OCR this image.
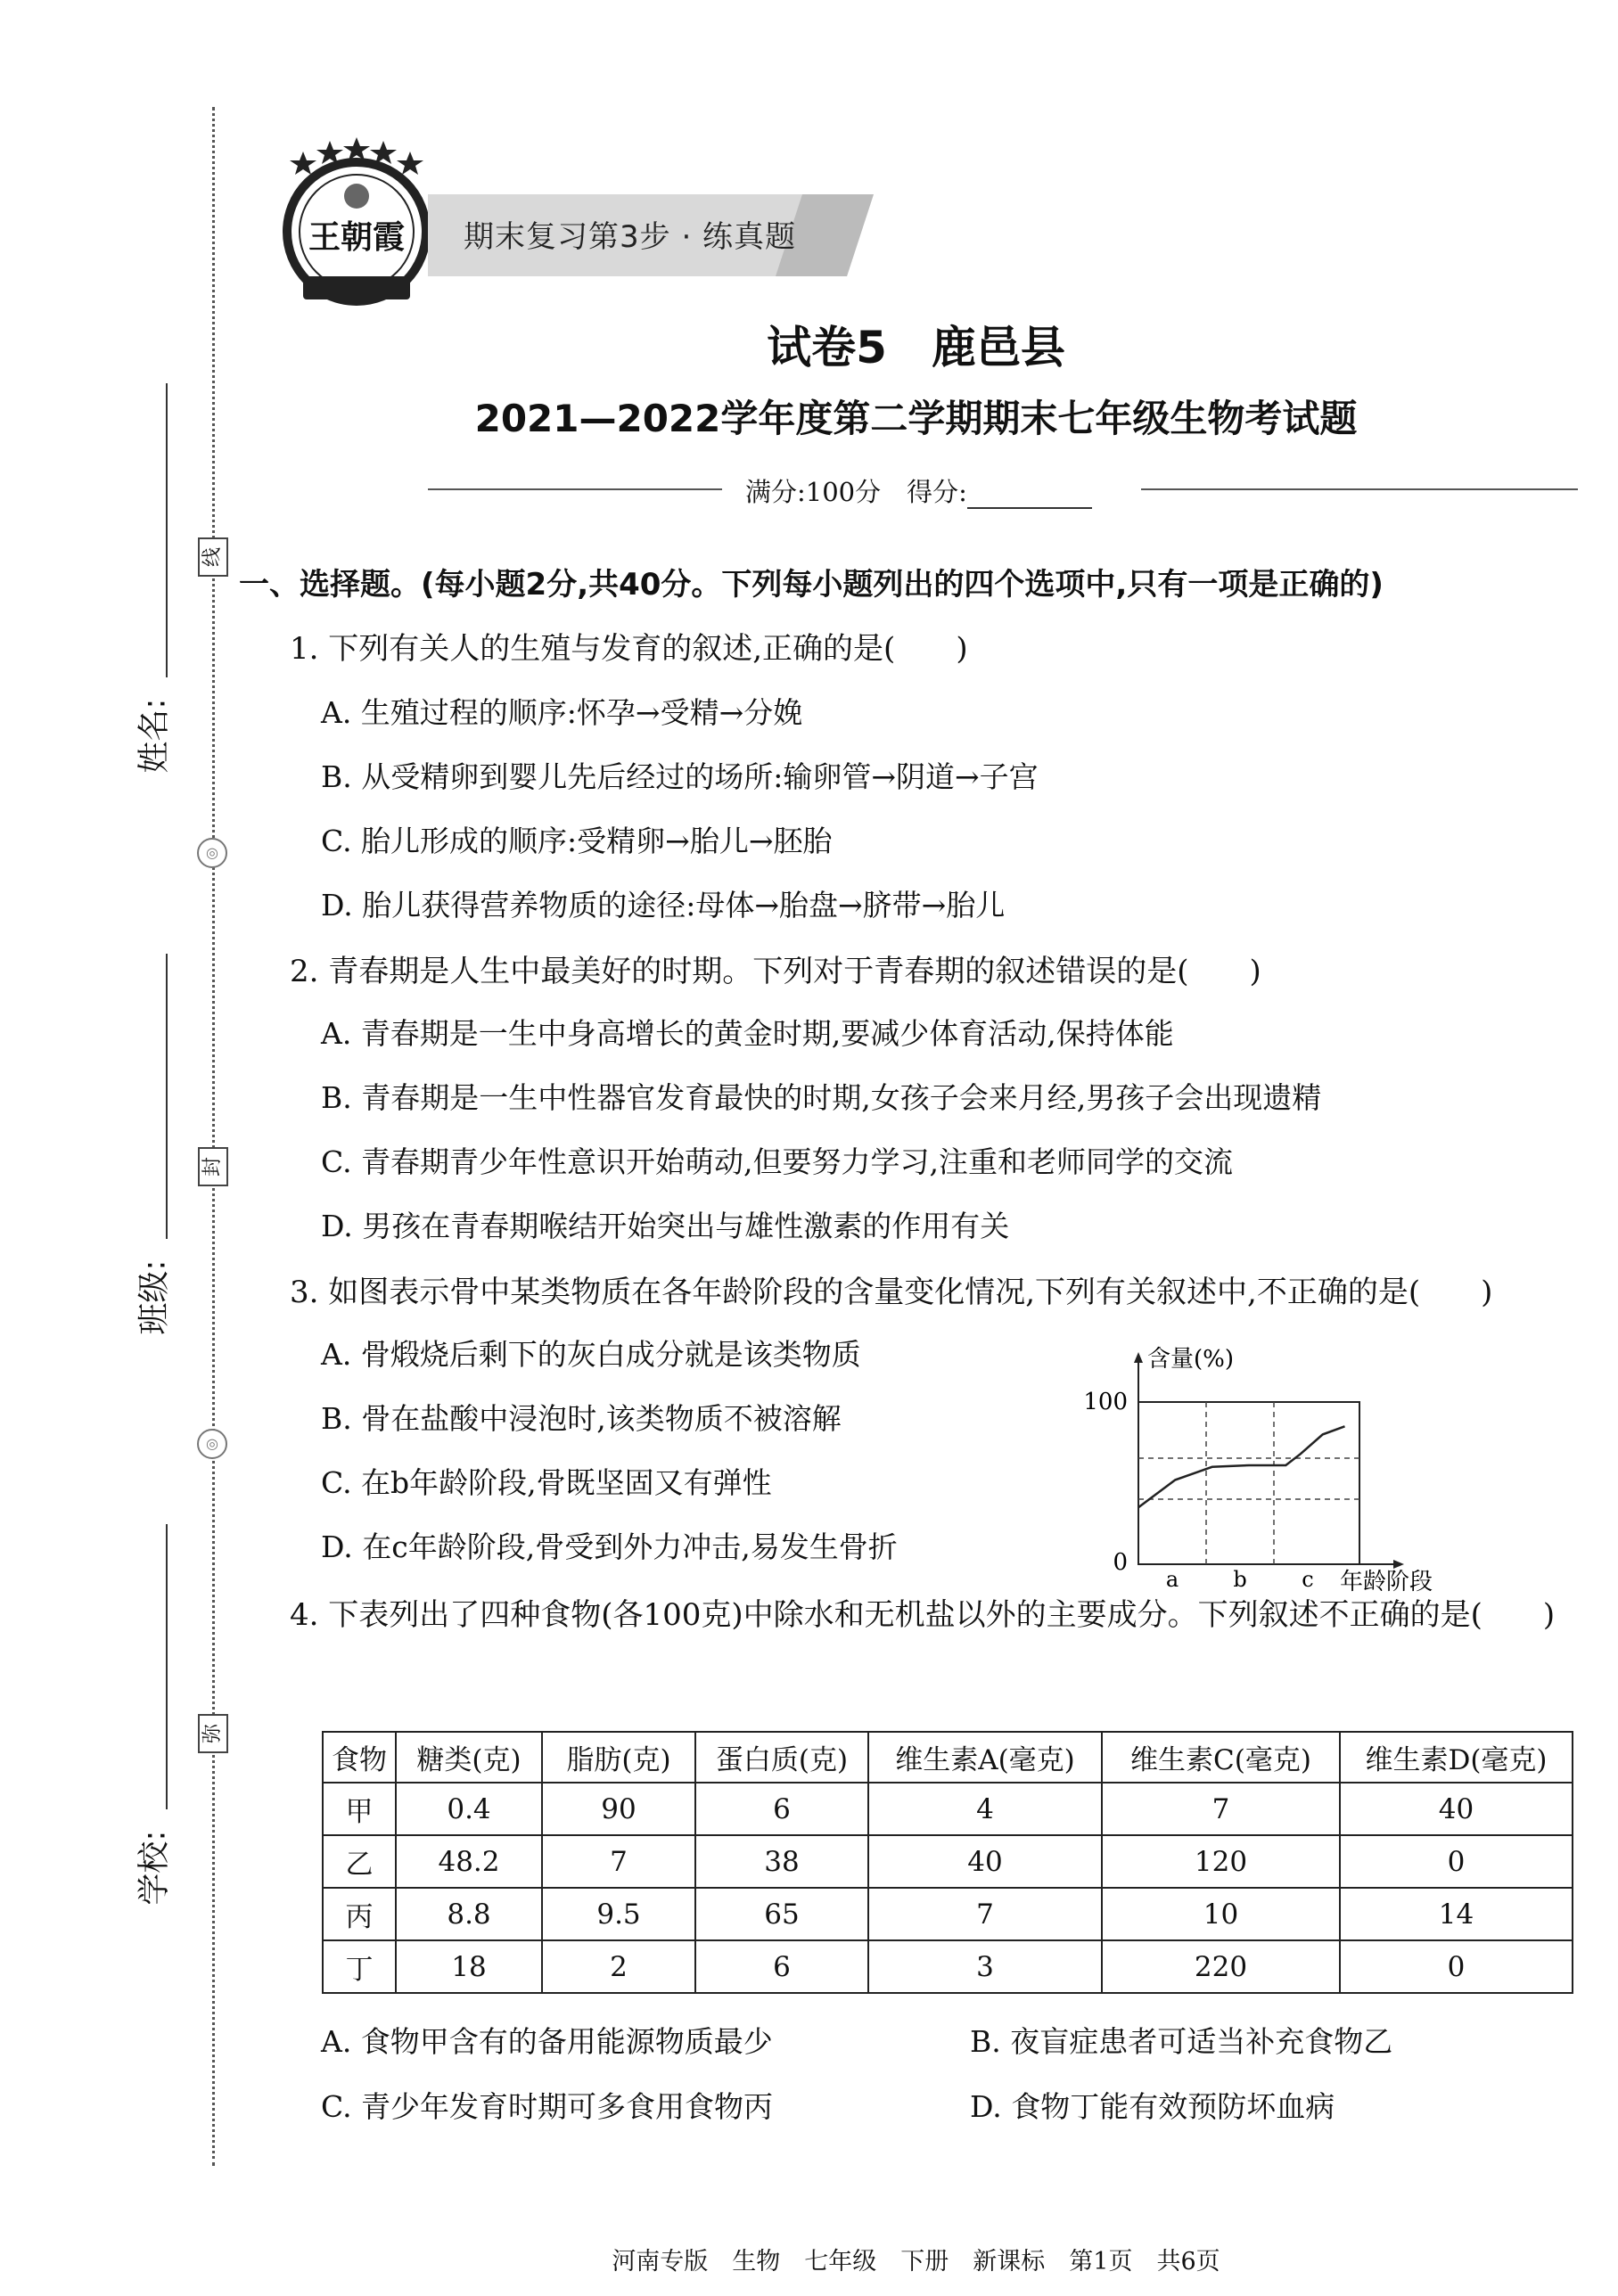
线
◎
封
◎
弥
姓名:
班级:
学校:
王朝霞 期末复习第3步 · 练真题
试卷5　鹿邑县
2021—2022学年度第二学期期末七年级生物考试题
满分:100分　得分:
一、选择题。(每小题2分,共40分。下列每小题列出的四个选项中,只有一项是正确的)
1. 下列有关人的生殖与发育的叙述,正确的是(　　)
A. 生殖过程的顺序:怀孕→受精→分娩
B. 从受精卵到婴儿先后经过的场所:输卵管→阴道→子宫
C. 胎儿形成的顺序:受精卵→胎儿→胚胎
D. 胎儿获得营养物质的途径:母体→胎盘→脐带→胎儿
2. 青春期是人生中最美好的时期。下列对于青春期的叙述错误的是(　　)
A. 青春期是一生中身高增长的黄金时期,要减少体育活动,保持体能
B. 青春期是一生中性器官发育最快的时期,女孩子会来月经,男孩子会出现遗精
C. 青春期青少年性意识开始萌动,但要努力学习,注重和老师同学的交流
D. 男孩在青春期喉结开始突出与雄性激素的作用有关
3. 如图表示骨中某类物质在各年龄阶段的含量变化情况,下列有关叙述中,不正确的是(　　)
A. 骨煅烧后剩下的灰白成分就是该类物质
B. 骨在盐酸中浸泡时,该类物质不被溶解
C. 在b年龄阶段,骨既坚固又有弹性
D. 在c年龄阶段,骨受到外力冲击,易发生骨折
含量(%)
100
0
a	b	c 年龄阶段
4. 下表列出了四种食物(各100克)中除水和无机盐以外的主要成分。下列叙述不正确的是(　　)
食物	糖类(克)	脂肪(克)	蛋白质(克)	维生素A(毫克)	维生素C(毫克)	维生素D(毫克)
甲	0.4	90	6	4	7	40
乙	48.2	7	38	40	120	0
丙	8.8	9.5	65	7	10	14
丁	18	2	6	3	220	0
A. 食物甲含有的备用能源物质最少	B. 夜盲症患者可适当补充食物乙
C. 青少年发育时期可多食用食物丙	D. 食物丁能有效预防坏血病
河南专版　生物　七年级　下册　新课标　第1页　共6页
